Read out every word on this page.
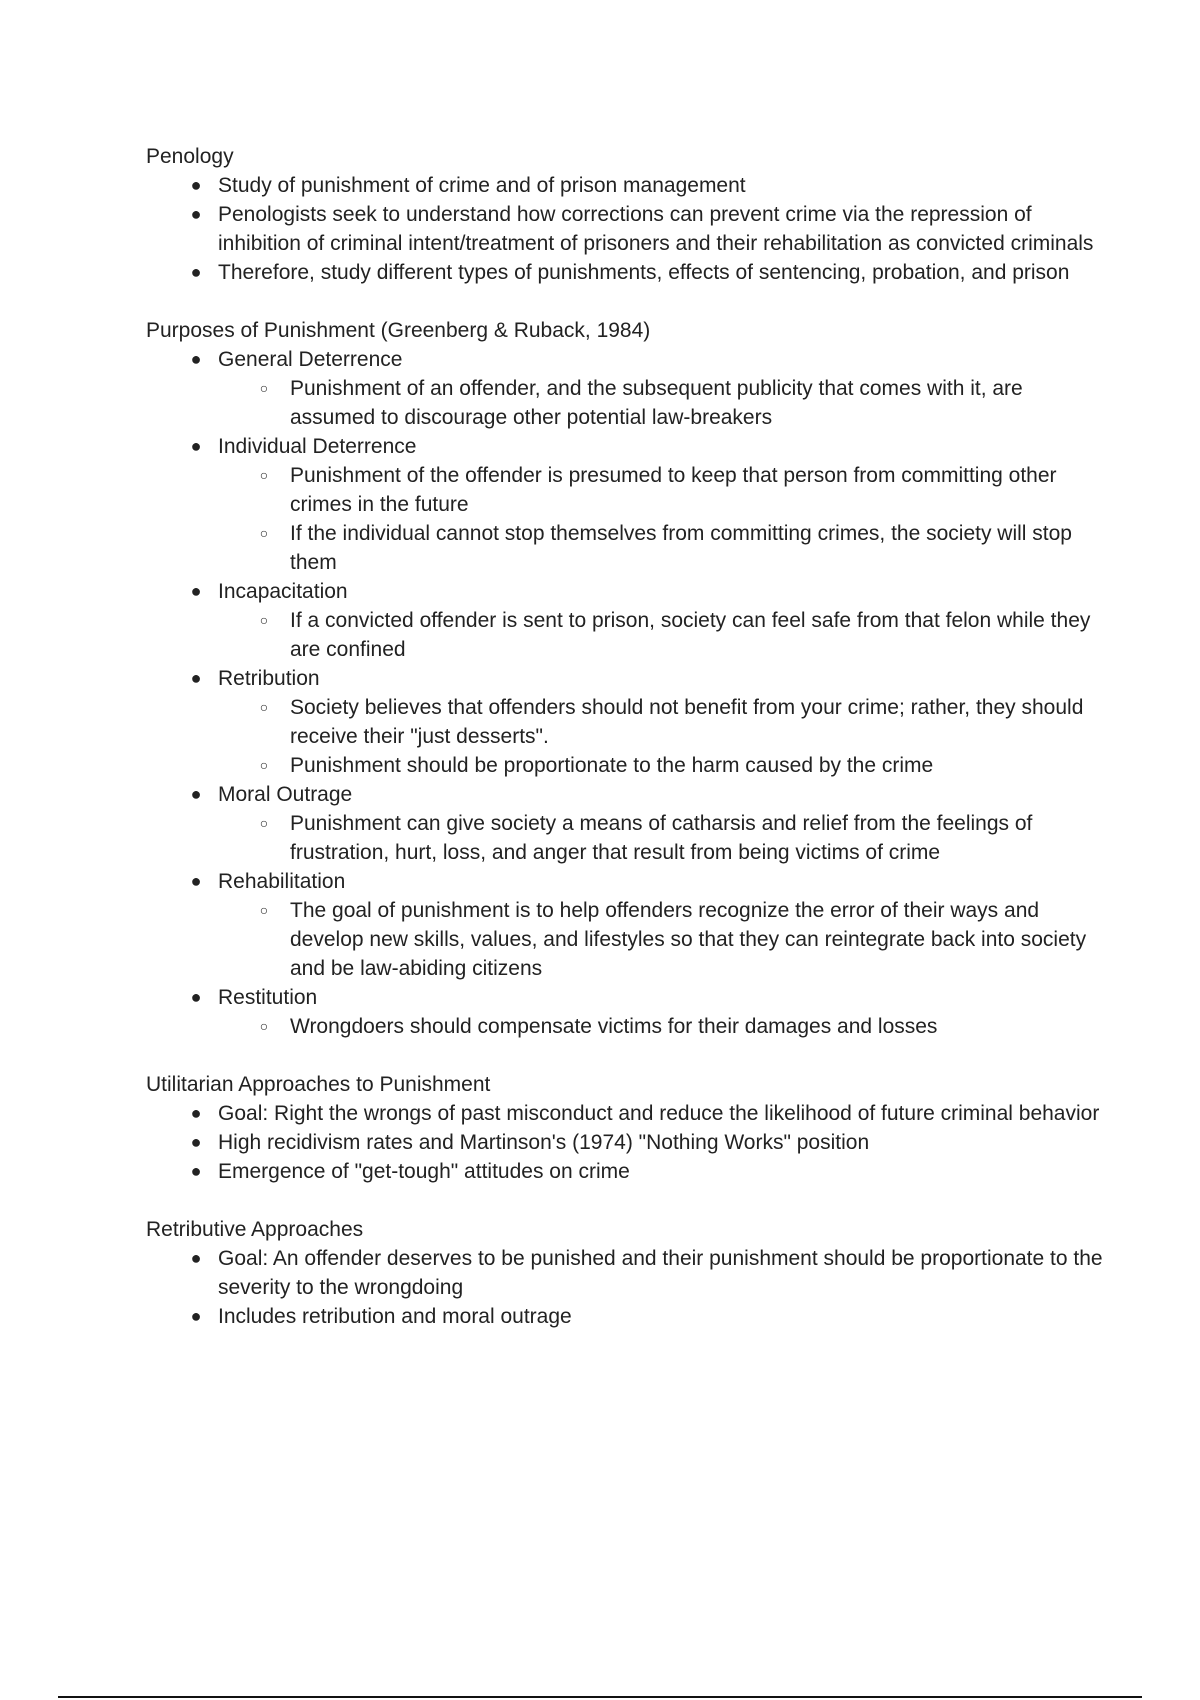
Penology
● Study of punishment of crime and of prison management
● Penologists seek to understand how corrections can prevent crime via the repression of inhibition of criminal intent/treatment of prisoners and their rehabilitation as convicted criminals
● Therefore, study different types of punishments, effects of sentencing, probation, and prison
Purposes of Punishment (Greenberg & Ruback, 1984)
● General Deterrence
○ Punishment of an offender, and the subsequent publicity that comes with it, are assumed to discourage other potential law-breakers
● Individual Deterrence
○ Punishment of the offender is presumed to keep that person from committing other crimes in the future
○ If the individual cannot stop themselves from committing crimes, the society will stop them
● Incapacitation
○ If a convicted offender is sent to prison, society can feel safe from that felon while they are confined
● Retribution
○ Society believes that offenders should not benefit from your crime; rather, they should receive their "just desserts".
○ Punishment should be proportionate to the harm caused by the crime
● Moral Outrage
○ Punishment can give society a means of catharsis and relief from the feelings of frustration, hurt, loss, and anger that result from being victims of crime
● Rehabilitation
○ The goal of punishment is to help offenders recognize the error of their ways and develop new skills, values, and lifestyles so that they can reintegrate back into society and be law-abiding citizens
● Restitution
○ Wrongdoers should compensate victims for their damages and losses
Utilitarian Approaches to Punishment
● Goal: Right the wrongs of past misconduct and reduce the likelihood of future criminal behavior
● High recidivism rates and Martinson's (1974) "Nothing Works" position
● Emergence of "get-tough" attitudes on crime
Retributive Approaches
● Goal: An offender deserves to be punished and their punishment should be proportionate to the severity to the wrongdoing
● Includes retribution and moral outrage
